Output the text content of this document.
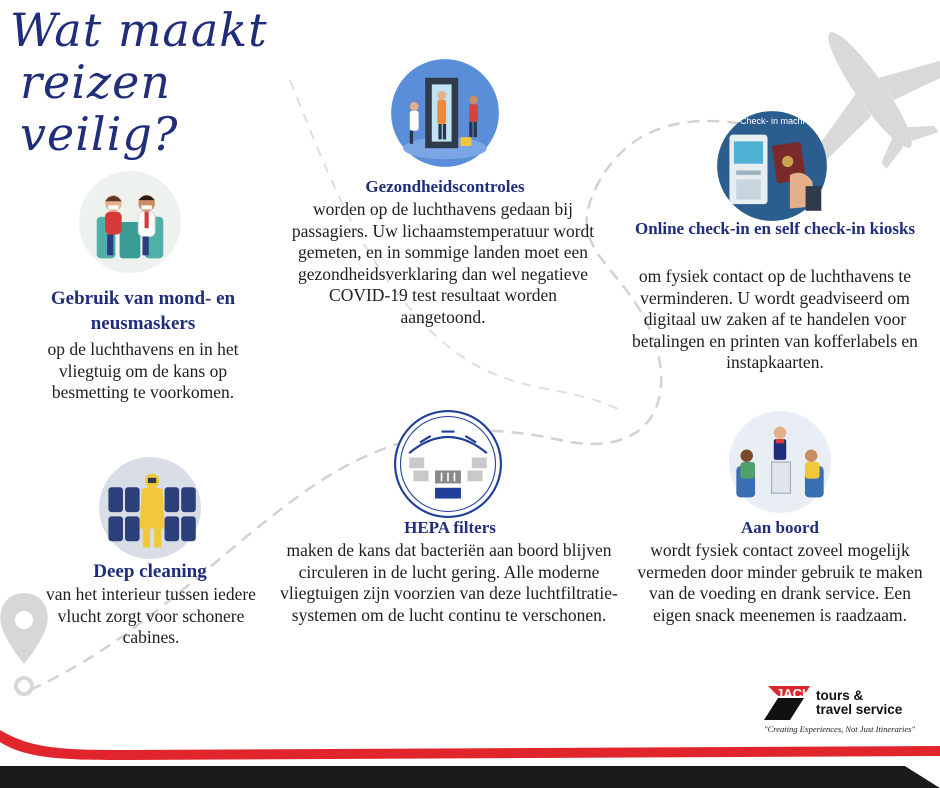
Wat maakt
reizen veilig?	Check- in machi
Gebruik van mond- en neusmaskers
op de luchthavens en in het vliegtuig om de kans op besmetting te voorkomen.
Gezondheidscontroles
worden op de luchthavens gedaan bij passagiers. Uw lichaamstemperatuur wordt gemeten, en in sommige landen moet een gezondheidsverklaring dan wel negatieve COVID-19 test resultaat worden aangetoond.
Online check-in en self check-in kiosks
om fysiek contact op de luchthavens te verminderen. U wordt geadviseerd om digitaal uw zaken af te handelen voor betalingen en printen van kofferlabels en instapkaarten.
Deep cleaning
van het interieur tussen iedere vlucht zorgt voor schonere cabines.
HEPA filters
maken de kans dat bacteriën aan boord blijven circuleren in de lucht gering. Alle moderne vliegtuigen zijn voorzien van deze luchtfiltratie-systemen om de lucht continu te verschonen.
Aan boord
wordt fysiek contact zoveel mogelijk vermeden door minder gebruik te maken van de voeding en drank service. Een eigen snack meenemen is raadzaam.
JACK tours &
travel service
"Creating Experiences, Not Just Itineraries"
